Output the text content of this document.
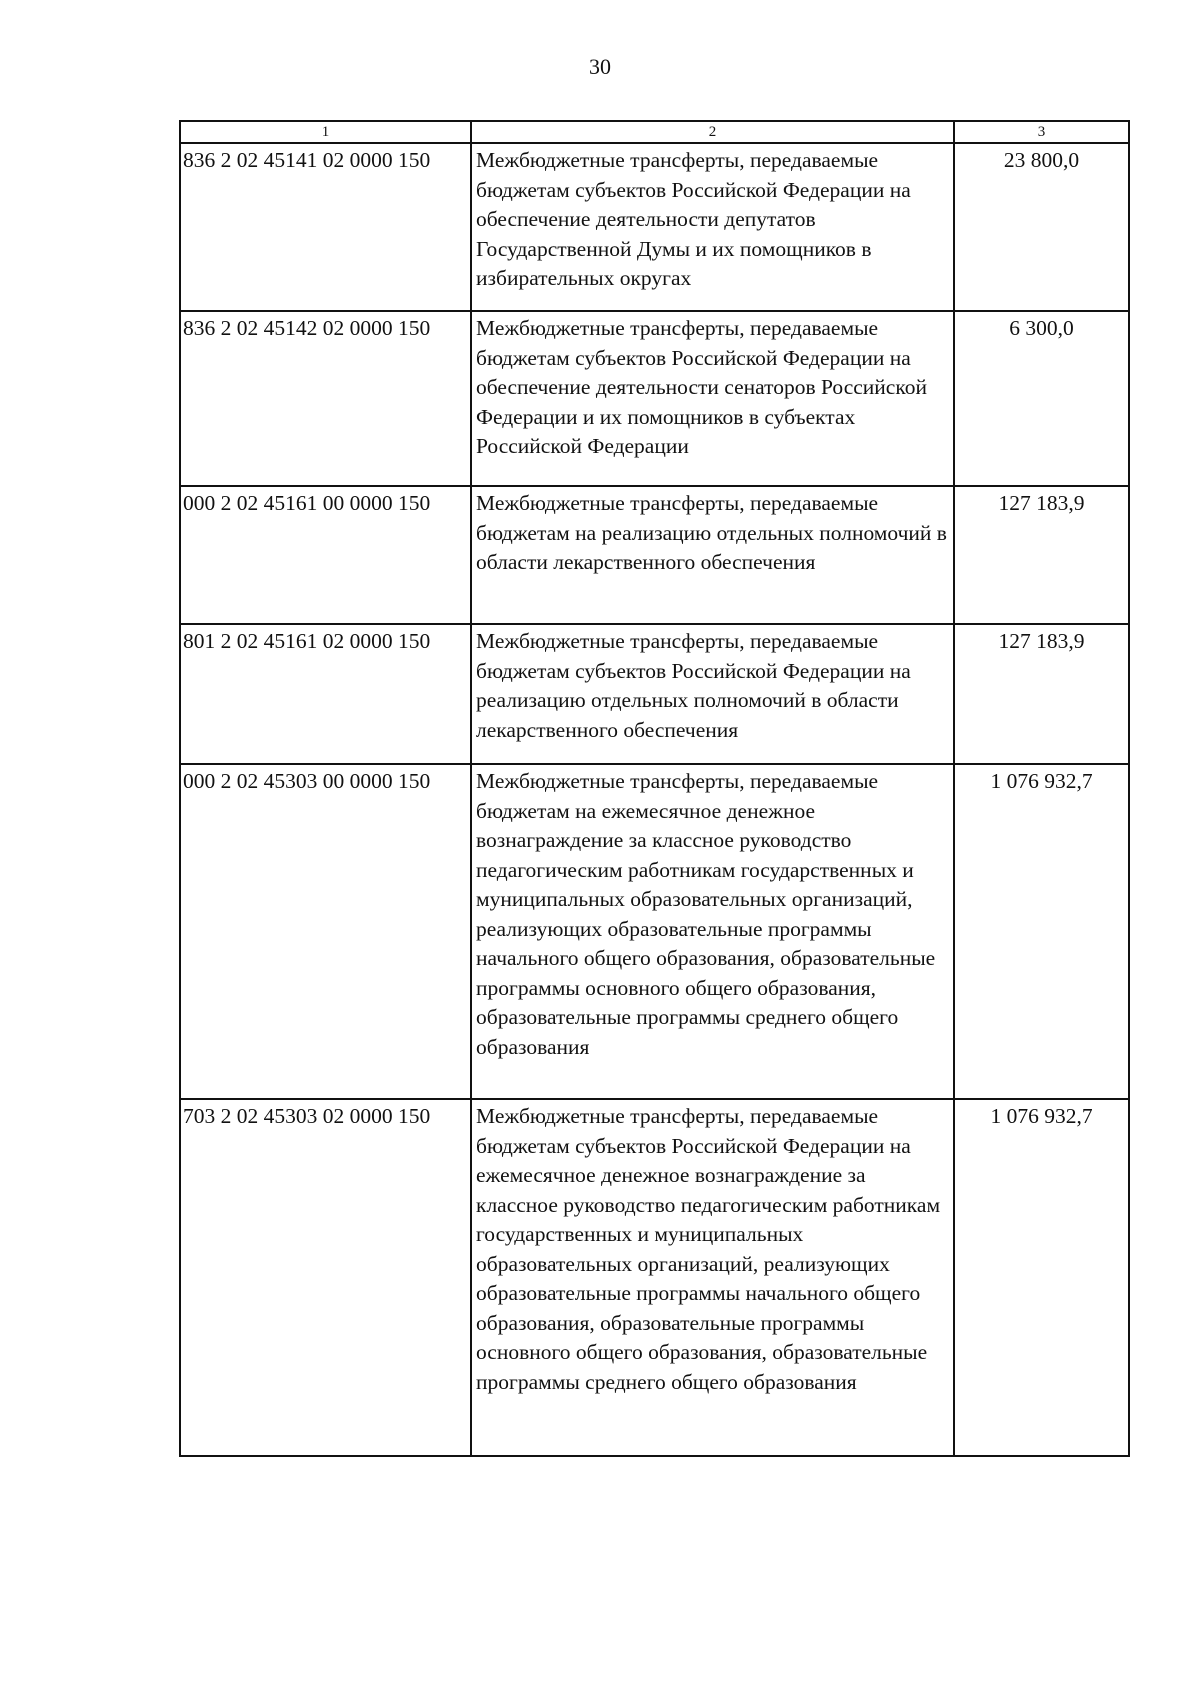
30
1	2	3
836 2 02 45141 02 0000 150	Межбюджетные трансферты, передаваемые бюджетам субъектов Российской Федерации на обеспечение деятельности депутатов Государственной Думы и их помощников в избирательных округах	23 800,0
836 2 02 45142 02 0000 150	Межбюджетные трансферты, передаваемые бюджетам субъектов Российской Федерации на обеспечение деятельности сенаторов Российской Федерации и их помощников в субъектах Российской Федерации	6 300,0
000 2 02 45161 00 0000 150	Межбюджетные трансферты, передаваемые бюджетам на реализацию отдельных полномочий в области лекарственного обеспечения	127 183,9
801 2 02 45161 02 0000 150	Межбюджетные трансферты, передаваемые бюджетам субъектов Российской Федерации на реализацию отдельных полномочий в области лекарственного обеспечения	127 183,9
000 2 02 45303 00 0000 150	Межбюджетные трансферты, передаваемые бюджетам на ежемесячное денежное вознаграждение за классное руководство педагогическим работникам государственных и муниципальных образовательных организаций, реализующих образовательные программы начального общего образования, образовательные программы основного общего образования, образовательные программы среднего общего образования	1 076 932,7
703 2 02 45303 02 0000 150	Межбюджетные трансферты, передаваемые бюджетам субъектов Российской Федерации на ежемесячное денежное вознаграждение за классное руководство педагогическим работникам государственных и муниципальных образовательных организаций, реализующих образовательные программы начального общего образования, образовательные программы основного общего образования, образовательные программы среднего общего образования	1 076 932,7
